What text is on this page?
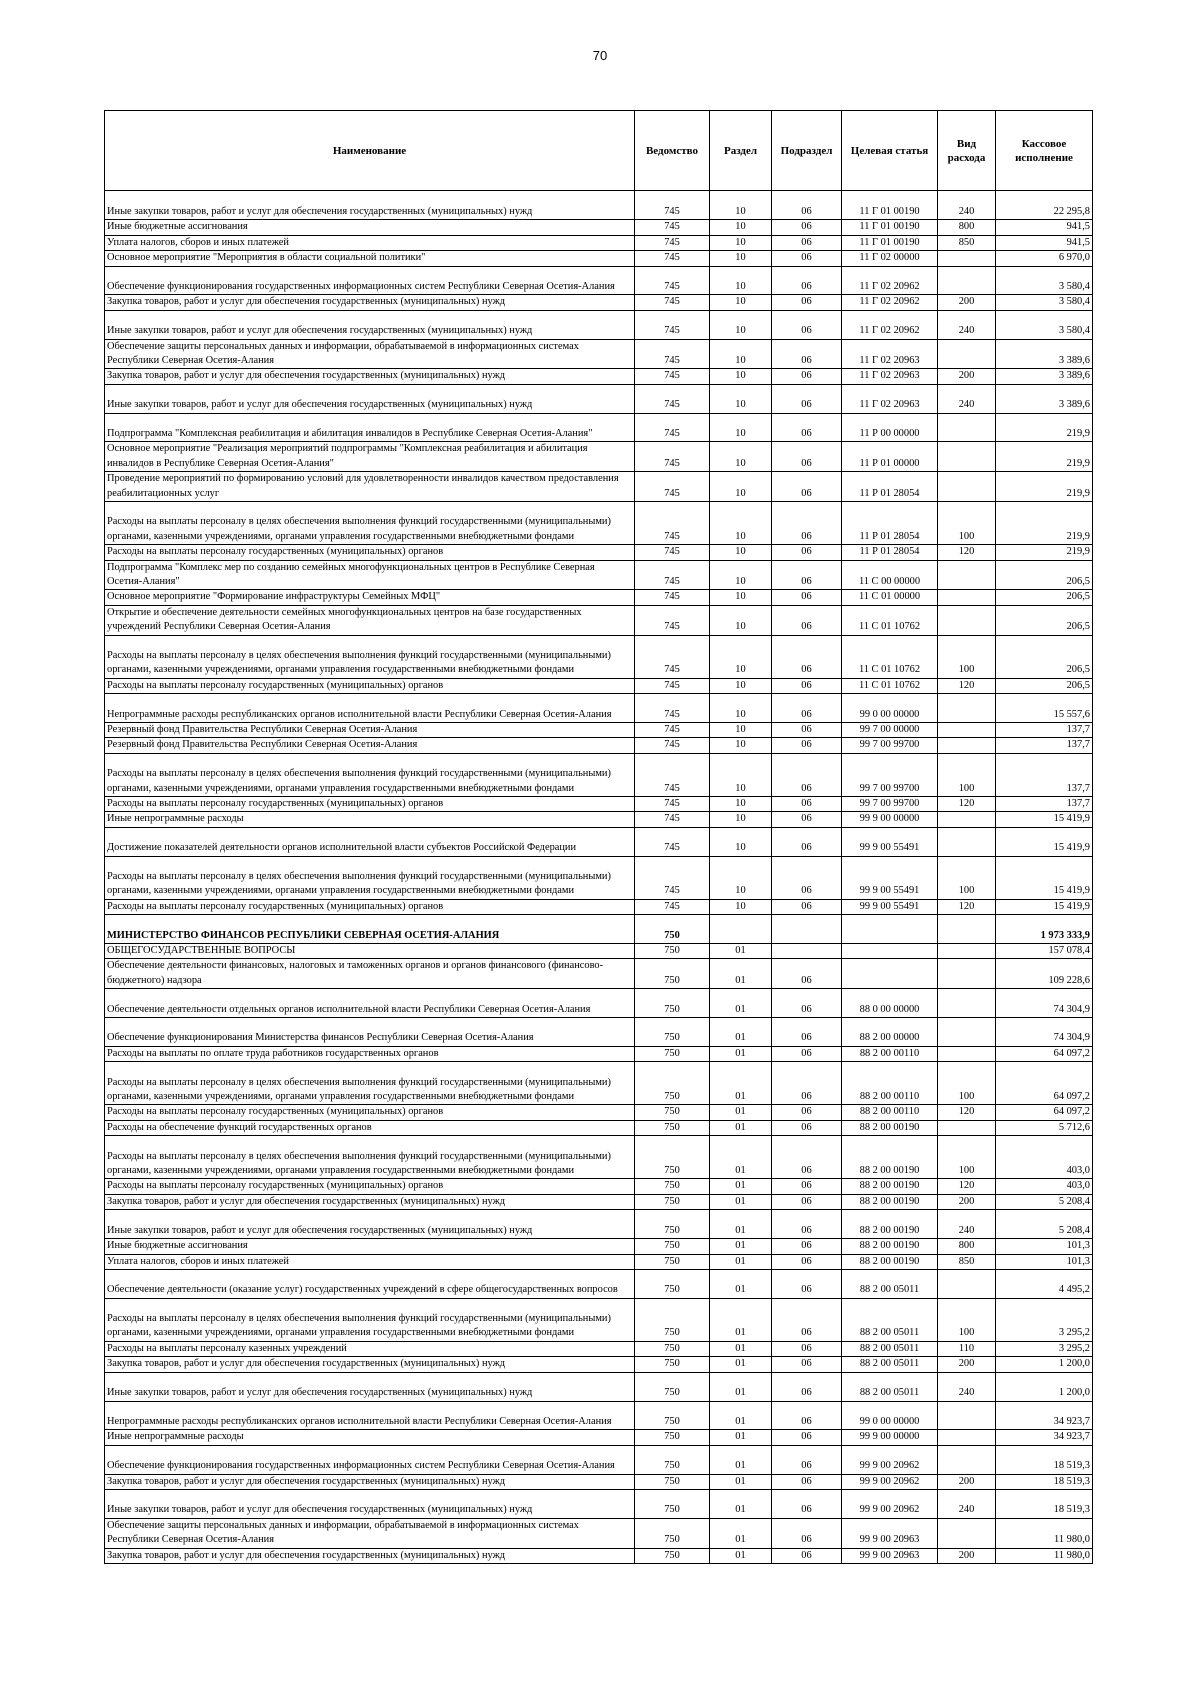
70
Наименование	Ведомство	Раздел	Подраздел	Целевая статья	Вид расхода	Кассовое исполнение

Иные закупки товаров, работ и услуг для обеспечения государственных (муниципальных) нужд	745	10	06	11 Г 01 00190	240	22 295,8
Иные бюджетные ассигнования	745	10	06	11 Г 01 00190	800	941,5
Уплата налогов, сборов и иных платежей	745	10	06	11 Г 01 00190	850	941,5
Основное мероприятие "Мероприятия в области социальной политики"	745	10	06	11 Г 02 00000		6 970,0
Обеспечение функционирования государственных информационных систем Республики Северная Осетия-Алания	745	10	06	11 Г 02 20962		3 580,4
Закупка товаров, работ и услуг для обеспечения государственных (муниципальных) нужд	745	10	06	11 Г 02 20962	200	3 580,4
Иные закупки товаров, работ и услуг для обеспечения государственных (муниципальных) нужд	745	10	06	11 Г 02 20962	240	3 580,4
Обеспечение защиты персональных данных и информации, обрабатываемой в информационных системах Республики Северная Осетия-Алания	745	10	06	11 Г 02 20963		3 389,6
Закупка товаров, работ и услуг для обеспечения государственных (муниципальных) нужд	745	10	06	11 Г 02 20963	200	3 389,6
Иные закупки товаров, работ и услуг для обеспечения государственных (муниципальных) нужд	745	10	06	11 Г 02 20963	240	3 389,6
Подпрограмма "Комплексная реабилитация и абилитация инвалидов в Республике Северная Осетия-Алания"	745	10	06	11 Р 00 00000		219,9
Основное мероприятие "Реализация мероприятий подпрограммы "Комплексная реабилитация и абилитация инвалидов в Республике Северная Осетия-Алания"	745	10	06	11 Р 01 00000		219,9
Проведение мероприятий по формированию условий для удовлетворенности инвалидов качеством предоставления реабилитационных услуг	745	10	06	11 Р 01 28054		219,9
Расходы на выплаты персоналу в целях обеспечения выполнения функций государственными (муниципальными) органами, казенными учреждениями, органами управления государственными внебюджетными фондами	745	10	06	11 Р 01 28054	100	219,9
Расходы на выплаты персоналу государственных (муниципальных) органов	745	10	06	11 Р 01 28054	120	219,9
Подпрограмма "Комплекс мер по созданию семейных многофункциональных центров в Республике Северная Осетия-Алания"	745	10	06	11 С 00 00000		206,5
Основное мероприятие "Формирование инфраструктуры Семейных МФЦ"	745	10	06	11 С 01 00000		206,5
Открытие и обеспечение деятельности семейных многофункциональных центров на базе государственных учреждений Республики Северная Осетия-Алания	745	10	06	11 С 01 10762		206,5
Расходы на выплаты персоналу в целях обеспечения выполнения функций государственными (муниципальными) органами, казенными учреждениями, органами управления государственными внебюджетными фондами	745	10	06	11 С 01 10762	100	206,5
Расходы на выплаты персоналу государственных (муниципальных) органов	745	10	06	11 С 01 10762	120	206,5
Непрограммные расходы республиканских органов исполнительной власти Республики Северная Осетия-Алания	745	10	06	99 0 00 00000		15 557,6
Резервный фонд Правительства Республики Северная Осетия-Алания	745	10	06	99 7 00 00000		137,7
Резервный фонд Правительства Республики Северная Осетия-Алания	745	10	06	99 7 00 99700		137,7
Расходы на выплаты персоналу в целях обеспечения выполнения функций государственными (муниципальными) органами, казенными учреждениями, органами управления государственными внебюджетными фондами	745	10	06	99 7 00 99700	100	137,7
Расходы на выплаты персоналу государственных (муниципальных) органов	745	10	06	99 7 00 99700	120	137,7
Иные непрограммные расходы	745	10	06	99 9 00 00000		15 419,9
Достижение показателей деятельности органов исполнительной власти субъектов Российской Федерации	745	10	06	99 9 00 55491		15 419,9
Расходы на выплаты персоналу в целях обеспечения выполнения функций государственными (муниципальными) органами, казенными учреждениями, органами управления государственными внебюджетными фондами	745	10	06	99 9 00 55491	100	15 419,9
Расходы на выплаты персоналу государственных (муниципальных) органов	745	10	06	99 9 00 55491	120	15 419,9
МИНИСТЕРСТВО ФИНАНСОВ РЕСПУБЛИКИ СЕВЕРНАЯ ОСЕТИЯ-АЛАНИЯ	750					1 973 333,9
ОБЩЕГОСУДАРСТВЕННЫЕ ВОПРОСЫ	750	01				157 078,4
Обеспечение деятельности финансовых, налоговых и таможенных органов и органов финансового (финансово-бюджетного) надзора	750	01	06			109 228,6
Обеспечение деятельности отдельных органов исполнительной власти Республики Северная Осетия-Алания	750	01	06	88 0 00 00000		74 304,9
Обеспечение функционирования Министерства финансов Республики Северная Осетия-Алания	750	01	06	88 2 00 00000		74 304,9
Расходы на выплаты по оплате труда работников государственных органов	750	01	06	88 2 00 00110		64 097,2
Расходы на выплаты персоналу в целях обеспечения выполнения функций государственными (муниципальными) органами, казенными учреждениями, органами управления государственными внебюджетными фондами	750	01	06	88 2 00 00110	100	64 097,2
Расходы на выплаты персоналу государственных (муниципальных) органов	750	01	06	88 2 00 00110	120	64 097,2
Расходы на обеспечение функций государственных органов	750	01	06	88 2 00 00190		5 712,6
Расходы на выплаты персоналу в целях обеспечения выполнения функций государственными (муниципальными) органами, казенными учреждениями, органами управления государственными внебюджетными фондами	750	01	06	88 2 00 00190	100	403,0
Расходы на выплаты персоналу государственных (муниципальных) органов	750	01	06	88 2 00 00190	120	403,0
Закупка товаров, работ и услуг для обеспечения государственных (муниципальных) нужд	750	01	06	88 2 00 00190	200	5 208,4
Иные закупки товаров, работ и услуг для обеспечения государственных (муниципальных) нужд	750	01	06	88 2 00 00190	240	5 208,4
Иные бюджетные ассигнования	750	01	06	88 2 00 00190	800	101,3
Уплата налогов, сборов и иных платежей	750	01	06	88 2 00 00190	850	101,3
Обеспечение деятельности (оказание услуг) государственных учреждений в сфере общегосударственных вопросов	750	01	06	88 2 00 05011		4 495,2
Расходы на выплаты персоналу в целях обеспечения выполнения функций государственными (муниципальными) органами, казенными учреждениями, органами управления государственными внебюджетными фондами	750	01	06	88 2 00 05011	100	3 295,2
Расходы на выплаты персоналу казенных учреждений	750	01	06	88 2 00 05011	110	3 295,2
Закупка товаров, работ и услуг для обеспечения государственных (муниципальных) нужд	750	01	06	88 2 00 05011	200	1 200,0
Иные закупки товаров, работ и услуг для обеспечения государственных (муниципальных) нужд	750	01	06	88 2 00 05011	240	1 200,0
Непрограммные расходы республиканских органов исполнительной власти Республики Северная Осетия-Алания	750	01	06	99 0 00 00000		34 923,7
Иные непрограммные расходы	750	01	06	99 9 00 00000		34 923,7
Обеспечение функционирования государственных информационных систем Республики Северная Осетия-Алания	750	01	06	99 9 00 20962		18 519,3
Закупка товаров, работ и услуг для обеспечения государственных (муниципальных) нужд	750	01	06	99 9 00 20962	200	18 519,3
Иные закупки товаров, работ и услуг для обеспечения государственных (муниципальных) нужд	750	01	06	99 9 00 20962	240	18 519,3
Обеспечение защиты персональных данных и информации, обрабатываемой в информационных системах Республики Северная Осетия-Алания	750	01	06	99 9 00 20963		11 980,0
Закупка товаров, работ и услуг для обеспечения государственных (муниципальных) нужд	750	01	06	99 9 00 20963	200	11 980,0
